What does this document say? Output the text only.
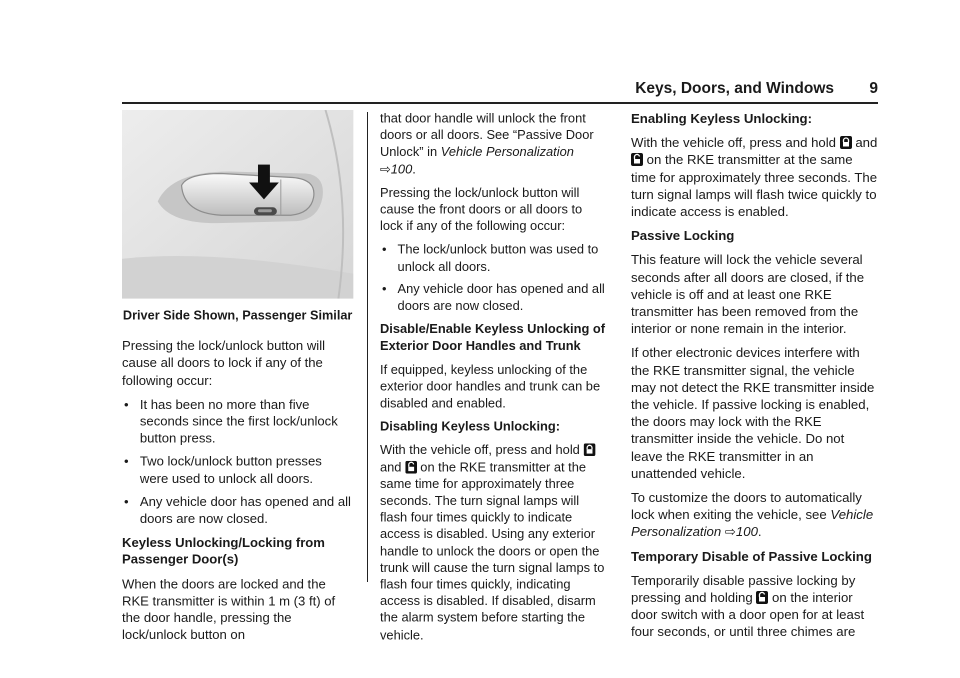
Keys, Doors, and Windows 9

Driver Side Shown, Passenger Similar

Pressing the lock/unlock button will cause all doors to lock if any of the following occur:

• It has been no more than five seconds since the first lock/unlock button press.
• Two lock/unlock button presses were used to unlock all doors.
• Any vehicle door has opened and all doors are now closed.

Keyless Unlocking/Locking from Passenger Door(s)

When the doors are locked and the RKE transmitter is within 1 m (3 ft) of the door handle, pressing the lock/unlock button on

that door handle will unlock the front doors or all doors. See “Passive Door Unlock” in Vehicle Personalization ⇨100.

Pressing the lock/unlock button will cause the front doors or all doors to lock if any of the following occur:

• The lock/unlock button was used to unlock all doors.
• Any vehicle door has opened and all doors are now closed.

Disable/Enable Keyless Unlocking of Exterior Door Handles and Trunk

If equipped, keyless unlocking of the exterior door handles and trunk can be disabled and enabled.

Disabling Keyless Unlocking:

With the vehicle off, press and hold  and  on the RKE transmitter at the same time for approximately three seconds. The turn signal lamps will flash four times quickly to indicate access is disabled. Using any exterior handle to unlock the doors or open the trunk will cause the turn signal lamps to flash four times quickly, indicating access is disabled. If disabled, disarm the alarm system before starting the vehicle.

Enabling Keyless Unlocking:

With the vehicle off, press and hold  and  on the RKE transmitter at the same time for approximately three seconds. The turn signal lamps will flash twice quickly to indicate access is enabled.

Passive Locking

This feature will lock the vehicle several seconds after all doors are closed, if the vehicle is off and at least one RKE transmitter has been removed from the interior or none remain in the interior.

If other electronic devices interfere with the RKE transmitter signal, the vehicle may not detect the RKE transmitter inside the vehicle. If passive locking is enabled, the doors may lock with the RKE transmitter inside the vehicle. Do not leave the RKE transmitter in an unattended vehicle.

To customize the doors to automatically lock when exiting the vehicle, see Vehicle Personalization ⇨100.

Temporary Disable of Passive Locking

Temporarily disable passive locking by pressing and holding  on the interior door switch with a door open for at least four seconds, or until three chimes are
